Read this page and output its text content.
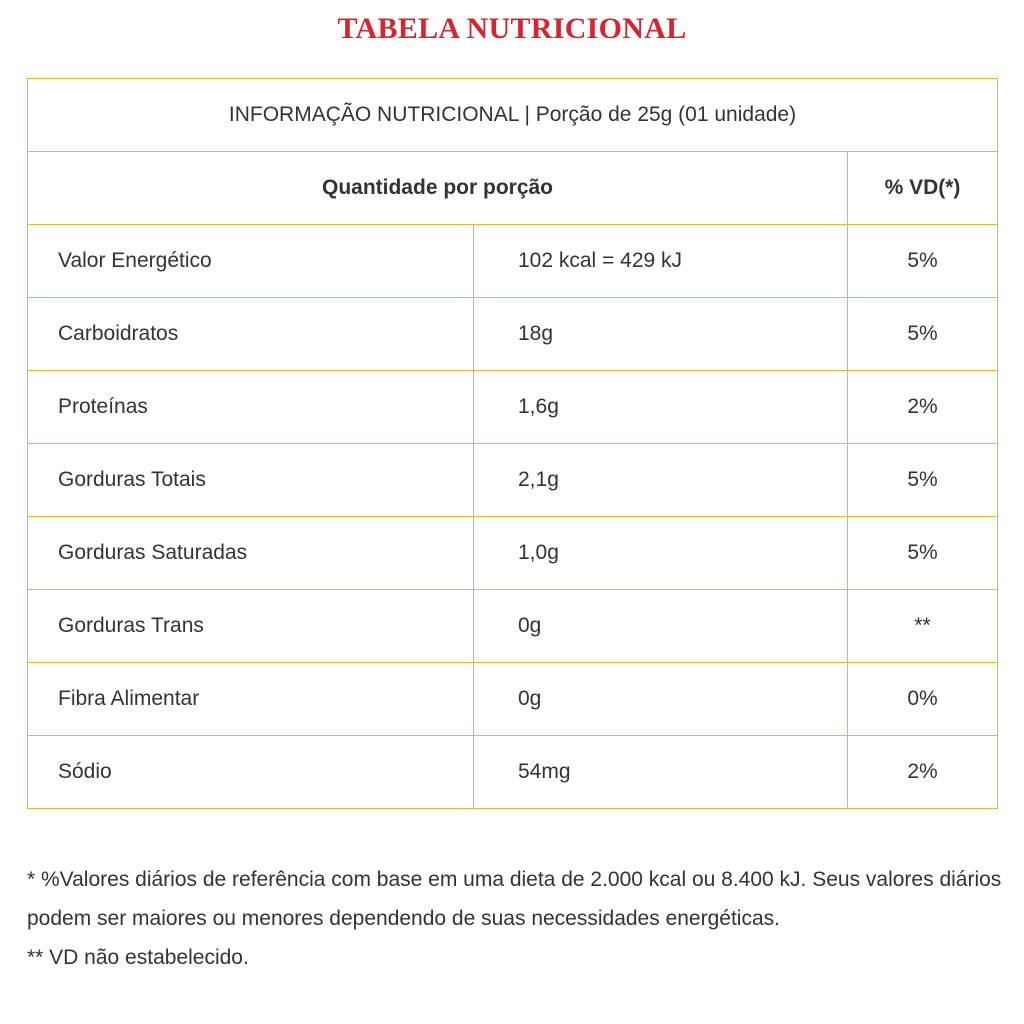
TABELA NUTRICIONAL
INFORMAÇÃO NUTRICIONAL | Porção de 25g (01 unidade)		
Quantidade por porção		% VD(*)
Valor Energético	102 kcal = 429 kJ	5%
Carboidratos	18g	5%
Proteínas	1,6g	2%
Gorduras Totais	2,1g	5%
Gorduras Saturadas	1,0g	5%
Gorduras Trans	0g	**
Fibra Alimentar	0g	0%
Sódio	54mg	2%

* %Valores diários de referência com base em uma dieta de 2.000 kcal ou 8.400 kJ. Seus valores diários podem ser maiores ou menores dependendo de suas necessidades energéticas.

** VD não estabelecido.
